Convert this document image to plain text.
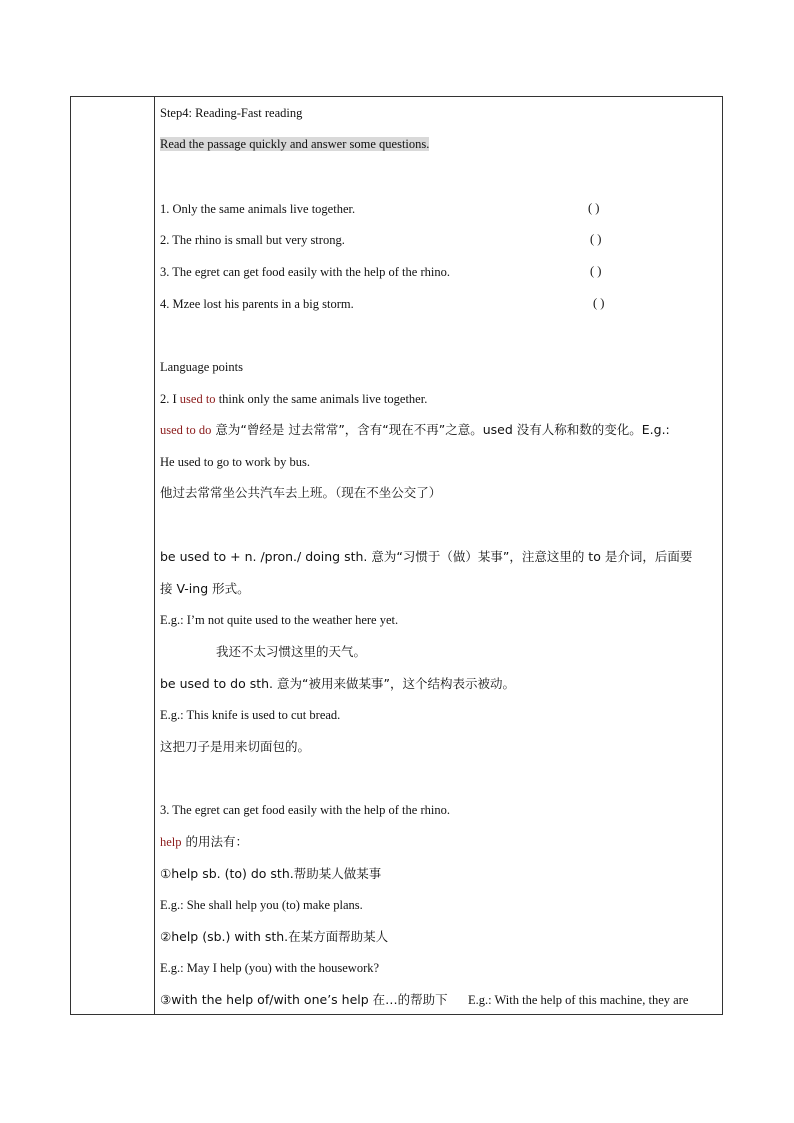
Step4: Reading-Fast reading
Read the passage quickly and answer some questions.
1. Only the same animals live together.	( )
2. The rhino is small but very strong.	( )
3. The egret can get food easily with the help of the rhino.	( )
4. Mzee lost his parents in a big storm.	( )
Language points
2. I used to think only the same animals live together.
used to do 意为“曾经是 过去常常”，含有“现在不再”之意。used 没有人称和数的变化。E.g.:
He used to go to work by bus.
他过去常常坐公共汽车去上班。（现在不坐公交了）
be used to + n. /pron./ doing sth. 意为“习惯于（做）某事”，注意这里的 to 是介词，后面要
接 V-ing 形式。
E.g.: I’m not quite used to the weather here yet.
我还不太习惯这里的天气。
be used to do sth. 意为“被用来做某事”，这个结构表示被动。
E.g.: This knife is used to cut bread.
这把刀子是用来切面包的。
3. The egret can get food easily with the help of the rhino.
help 的用法有：
①help sb. (to) do sth.帮助某人做某事
E.g.: She shall help you (to) make plans.
②help (sb.) with sth.在某方面帮助某人
E.g.: May I help (you) with the housework?
③with the help of/with one’s help 在…的帮助下 E.g.: With the help of this machine, they are
